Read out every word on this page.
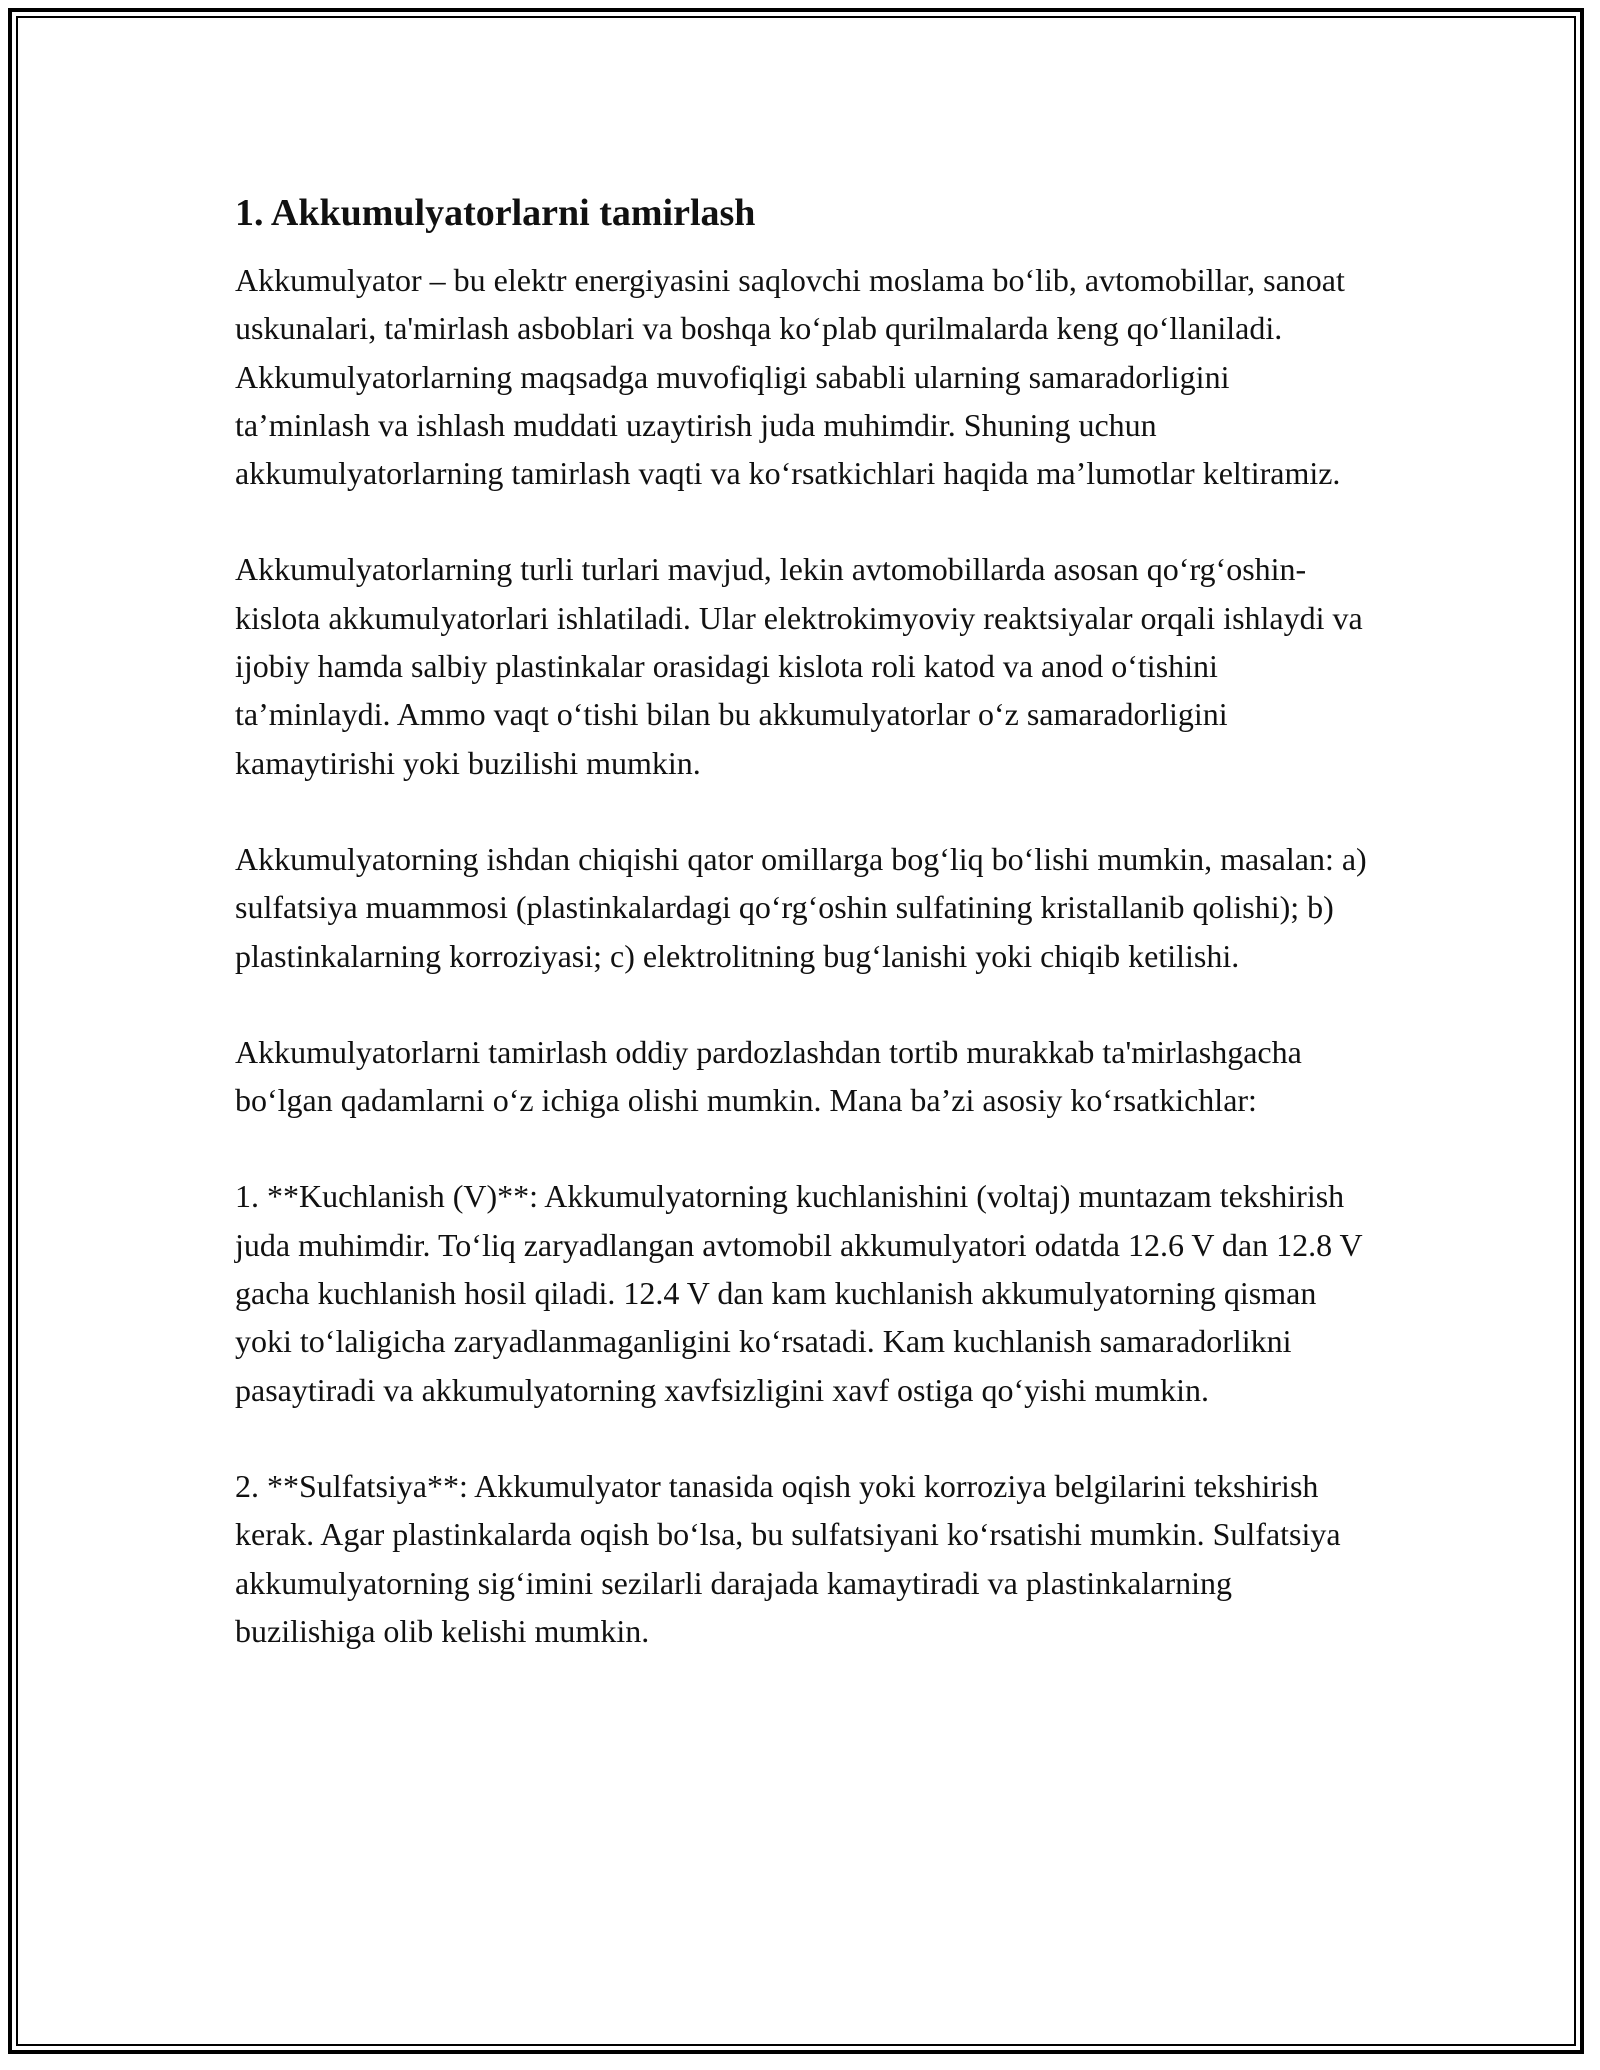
1. Akkumulyatorlarni tamirlash

Akkumulyator – bu elektr energiyasini saqlovchi moslama bo‘lib, avtomobillar, sanoat uskunalari, ta'mirlash asboblari va boshqa ko‘plab qurilmalarda keng qo‘llaniladi. Akkumulyatorlarning maqsadga muvofiqligi sababli ularning samaradorligini ta’minlash va ishlash muddati uzaytirish juda muhimdir. Shuning uchun akkumulyatorlarning tamirlash vaqti va ko‘rsatkichlari haqida ma’lumotlar keltiramiz.

Akkumulyatorlarning turli turlari mavjud, lekin avtomobillarda asosan qo‘rg‘oshin-kislota akkumulyatorlari ishlatiladi. Ular elektrokimyoviy reaktsiyalar orqali ishlaydi va ijobiy hamda salbiy plastinkalar orasidagi kislota roli katod va anod o‘tishini ta’minlaydi. Ammo vaqt o‘tishi bilan bu akkumulyatorlar o‘z samaradorligini kamaytirishi yoki buzilishi mumkin.

Akkumulyatorning ishdan chiqishi qator omillarga bog‘liq bo‘lishi mumkin, masalan: a) sulfatsiya muammosi (plastinkalardagi qo‘rg‘oshin sulfatining kristallanib qolishi); b) plastinkalarning korroziyasi; c) elektrolitning bug‘lanishi yoki chiqib ketilishi.

Akkumulyatorlarni tamirlash oddiy pardozlashdan tortib murakkab ta'mirlashgacha bo‘lgan qadamlarni o‘z ichiga olishi mumkin. Mana ba’zi asosiy ko‘rsatkichlar:

1. **Kuchlanish (V)**: Akkumulyatorning kuchlanishini (voltaj) muntazam tekshirish juda muhimdir. To‘liq zaryadlangan avtomobil akkumulyatori odatda 12.6 V dan 12.8 V gacha kuchlanish hosil qiladi. 12.4 V dan kam kuchlanish akkumulyatorning qisman yoki to‘laligicha zaryadlanmaganligini ko‘rsatadi. Kam kuchlanish samaradorlikni pasaytiradi va akkumulyatorning xavfsizligini xavf ostiga qo‘yishi mumkin.

2. **Sulfatsiya**: Akkumulyator tanasida oqish yoki korroziya belgilarini tekshirish kerak. Agar plastinkalarda oqish bo‘lsa, bu sulfatsiyani ko‘rsatishi mumkin. Sulfatsiya akkumulyatorning sig‘imini sezilarli darajada kamaytiradi va plastinkalarning buzilishiga olib kelishi mumkin.
